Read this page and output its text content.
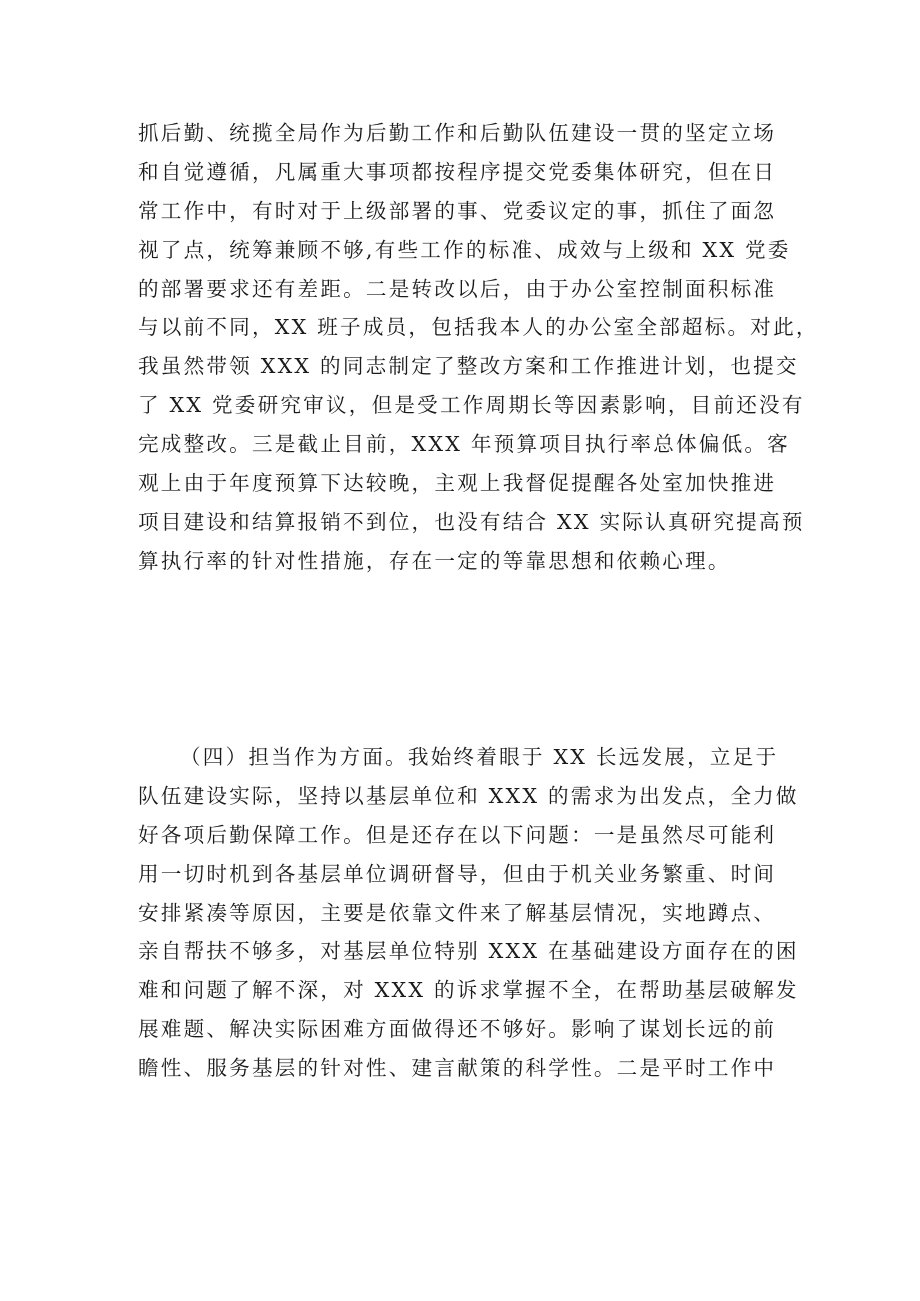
抓后勤、统揽全局作为后勤工作和后勤队伍建设一贯的坚定立场
和自觉遵循，凡属重大事项都按程序提交党委集体研究，但在日
常工作中，有时对于上级部署的事、党委议定的事，抓住了面忽
视了点，统筹兼顾不够,有些工作的标准、成效与上级和 XX 党委
的部署要求还有差距。二是转改以后，由于办公室控制面积标准
与以前不同，XX 班子成员，包括我本人的办公室全部超标。对此，
我虽然带领 XXX 的同志制定了整改方案和工作推进计划，也提交
了 XX 党委研究审议，但是受工作周期长等因素影响，目前还没有
完成整改。三是截止目前，XXX 年预算项目执行率总体偏低。客
观上由于年度预算下达较晚，主观上我督促提醒各处室加快推进
项目建设和结算报销不到位，也没有结合 XX 实际认真研究提高预
算执行率的针对性措施，存在一定的等靠思想和依赖心理。
（四）担当作为方面。我始终着眼于 XX 长远发展，立足于
队伍建设实际，坚持以基层单位和 XXX 的需求为出发点，全力做
好各项后勤保障工作。但是还存在以下问题：一是虽然尽可能利
用一切时机到各基层单位调研督导，但由于机关业务繁重、时间
安排紧凑等原因，主要是依靠文件来了解基层情况，实地蹲点、
亲自帮扶不够多，对基层单位特别 XXX 在基础建设方面存在的困
难和问题了解不深，对 XXX 的诉求掌握不全，在帮助基层破解发
展难题、解决实际困难方面做得还不够好。影响了谋划长远的前
瞻性、服务基层的针对性、建言献策的科学性。二是平时工作中
